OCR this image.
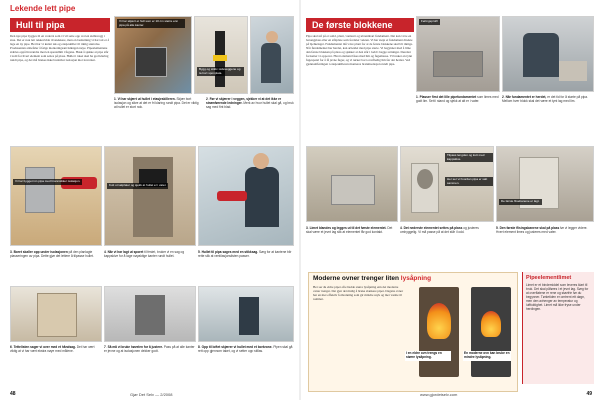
Lekende lett pipe
Hull til pipa
Den nye pipa bygges til en vedovn som vi vil sette opp ved en skillevegg i stua. Det er nok lett rekkevidde til snekkere, men en beslutning vi har tatt er å lage en ny pipe. Her har vi kuttet tak og etasjeskiller til riktig størrelse. Produsenten anbefaler å følge monteringsanvisningen nøye. Pipeelementene stables oppå hverandre med en spesiallim i fugene. Husk å sjekke at pipa står i lodd for hvert element som settes på plass. Hullet i taket skal ha god klaring rundt pipa, og det må brukes ikke brennbar isolasjon mot treverket.
Vi har skjært et hull som er 10 cm større enn pipa på alle kanter.
Bygg og stikk i sideveggene og ta bort sponplata.
1. Vi har skjært ut hullet i etasjeskilleren. Skjær bort isolasjon og sikre at det er fri klaring rundt pipa. Det er viktig at hullet er stort nok.
2. Før vi skjærer i veggen, sjekker vi at det ikke er strømførende ledninger. Merk av hvor hullet skal gå, og bruk sag med fint blad.
Vi har bygget inn pipa med brannsikker isolasjon.
Kutt ut takplater og sjekk at hullet er i vater.
3. Boret skaller opp under isolasjonen på den planlagte plasseringen av pipa. Dette gjør det lettere å tilpasse hullet.
4. Når vi har lagt ut sporet til festet, bruker vi en sag og kappskive for å lage nøyaktige kanter rundt hullet.
5. Hullet til pipa sages med en stikksag. Sørg for at kantene blir rette slik at ventilasjonslisten passer.
6. Tettelisten sager vi over med et håndsag. Det har vært viktig at vi har vært ekstra nøye med målene.
7. Så må vi bruke høvelen for å justere. Pass på at alle kanter er jevne og at isolasjonen dekker godt.
8. Opp til loftet skjærer vi hullet med et borkrone. Pipen skal gå rett opp gjennom taket, og vi setter opp stillas.
48	Gjør Det Selv — 2/2008
De første blokkene
Pipa skal stå på et solid, plant, vannrett og ubrennbart fundament. Det kan være en betongplate eller en stålplate som fordeler vekten. Vi har støpt et fundament direkte på bjelkelaget. Fundamentet må være plant for at de første blokkene skal bli riktige. Når fundamentet har herdet, kan arbeidet med pipa starte. Vi begynner med å lime den første blokken på plass og sjekker at den står i lodd i begge retninger. Deretter fortsetter vi oppover. Hvert element låses med lim og fugemasse. Vi bruker en tynn fugespatel for å få jevne fuger, og vi tørker bort overflødig lim før det herder. Ved gjennomføringen i etasjeskilleren monteres brannisolasjon rundt pipa.
Føringsprofil
1. Plasser first det lille pipefundamentet som limes med godt lim. Sett i stand og sjekk at alt er i vater.
2. Når fundamentet er herdet, er det tid for å starte på pipa. Mellom hver blokk skal det være et tynt lag med lim.
Tilpass lengden og kutt med kappskive.
Her ser vi hvordan pipa er satt sammen.
De første flisebanene er lagt.
3. Limet blandes og legges ut til det første elementet. Det skal være et jevnt lag slik at elementet får god kontakt.
4. Det nederste elementet settes på plass og justeres omhyggelig. Vi må passe på at det står i lodd.
5. Den første flisingsbanene skal på plass før vi legger videre. Hvert element limes og justeres med vater.
Moderne ovner trenger liten lysåpning
Her ser du eldre piper ofte hadde større lysåpning enn det moderne ovner trenger. Det gjør det mulig å bruke slankere piper. Dagens ovner har en mer effektiv forbrenning som gir mindre røyk og mer varme til rommet.
I en eldre ovn trengs en større lysåpning.
En moderne ovn kan bruke en mindre lysåpning.
Pipeelementlimet

Limet er et bindemiddel som leveres klart til bruk. Det skal påføres i et jevnt lag. Sørg for at overflatene er rene og støvfrie før du begynner. Tørketiden er omtrent ett døgn, men den avhenger av temperatur og luftfuktighet. Limet må ikke fryse under herdingen.

www.gjordetselv.com	49
